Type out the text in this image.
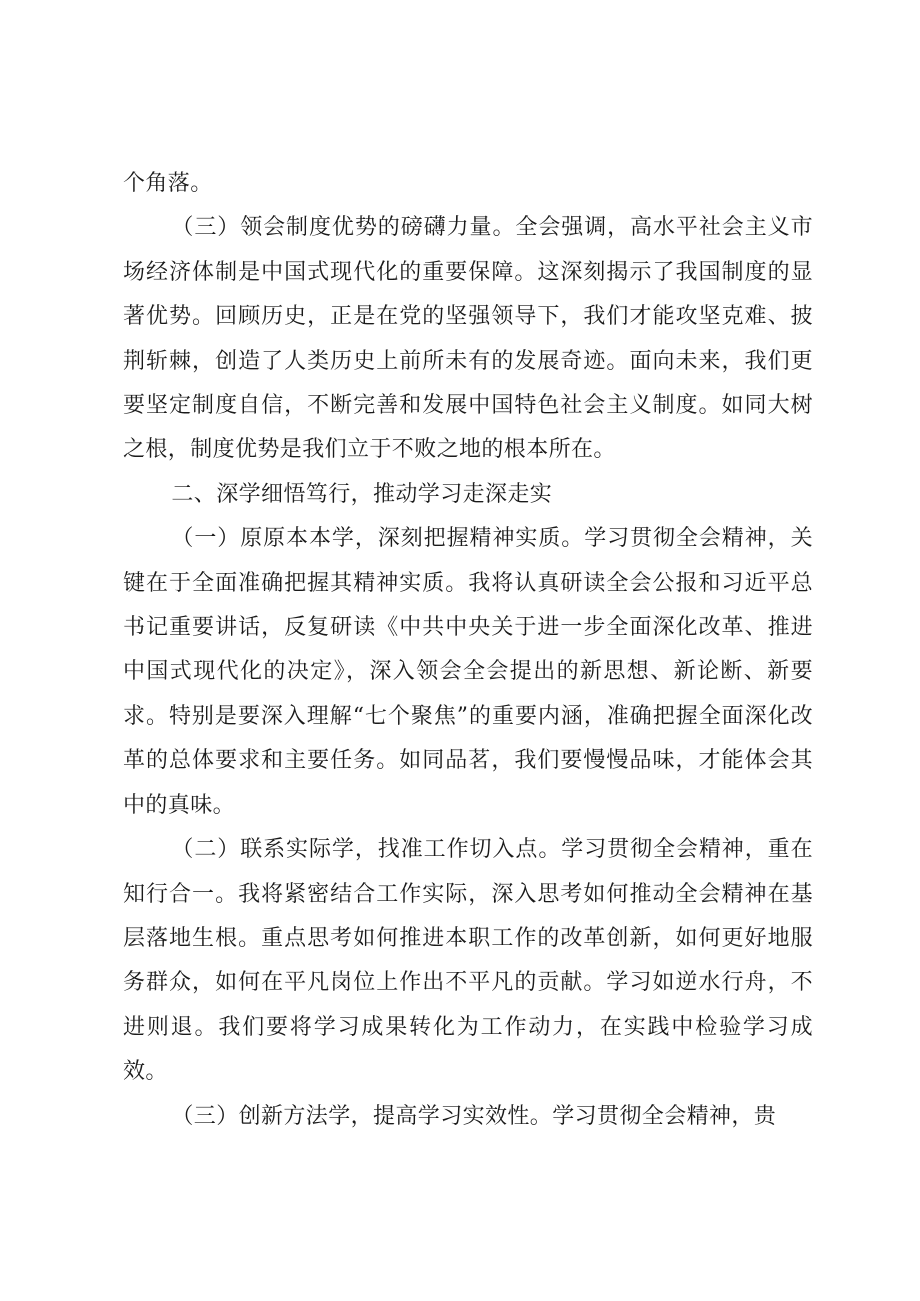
个角落。

（三）领会制度优势的磅礴力量。全会强调，高水平社会主义市场经济体制是中国式现代化的重要保障。这深刻揭示了我国制度的显著优势。回顾历史，正是在党的坚强领导下，我们才能攻坚克难、披荆斩棘，创造了人类历史上前所未有的发展奇迹。面向未来，我们更要坚定制度自信，不断完善和发展中国特色社会主义制度。如同大树之根，制度优势是我们立于不败之地的根本所在。

二、深学细悟笃行，推动学习走深走实

（一）原原本本学，深刻把握精神实质。学习贯彻全会精神，关键在于全面准确把握其精神实质。我将认真研读全会公报和习近平总书记重要讲话，反复研读《中共中央关于进一步全面深化改革、推进中国式现代化的决定》，深入领会全会提出的新思想、新论断、新要求。特别是要深入理解“七个聚焦”的重要内涵，准确把握全面深化改革的总体要求和主要任务。如同品茗，我们要慢慢品味，才能体会其中的真味。

（二）联系实际学，找准工作切入点。学习贯彻全会精神，重在知行合一。我将紧密结合工作实际，深入思考如何推动全会精神在基层落地生根。重点思考如何推进本职工作的改革创新，如何更好地服务群众，如何在平凡岗位上作出不平凡的贡献。学习如逆水行舟，不进则退。我们要将学习成果转化为工作动力，在实践中检验学习成效。

（三）创新方法学，提高学习实效性。学习贯彻全会精神，贵
